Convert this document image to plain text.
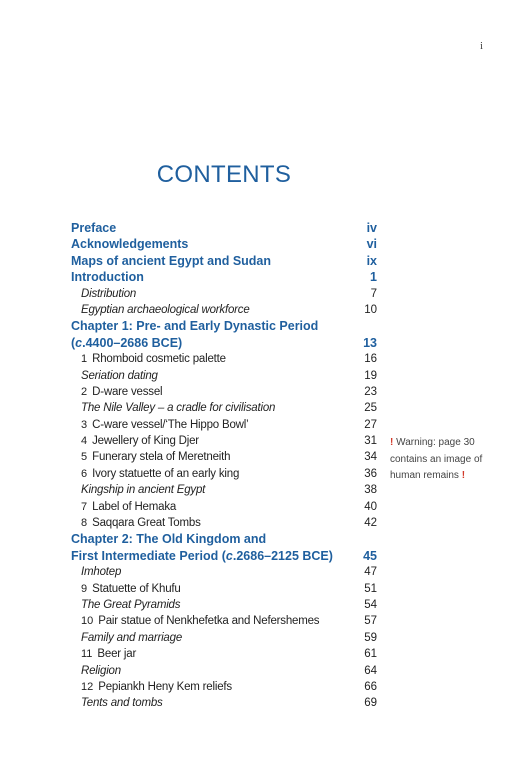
i
CONTENTS
Preface	iv
Acknowledgements	vi
Maps of ancient Egypt and Sudan	ix
Introduction	1
Distribution	7
Egyptian archaeological workforce	10
Chapter 1: Pre- and Early Dynastic Period
(c.4400–2686 BCE)	13
1 Rhomboid cosmetic palette	16
Seriation dating	19
2 D-ware vessel	23
The Nile Valley – a cradle for civilisation	25
3 C-ware vessel/‘The Hippo Bowl’	27
4 Jewellery of King Djer	31
5 Funerary stela of Meretneith	34
6 Ivory statuette of an early king	36
Kingship in ancient Egypt	38
7 Label of Hemaka	40
8 Saqqara Great Tombs	42
Chapter 2: The Old Kingdom and
First Intermediate Period (c.2686–2125 BCE) 45
Imhotep	47
9 Statuette of Khufu	51
The Great Pyramids	54
10 Pair statue of Nenkhefetka and Nefershemes	57
Family and marriage	59
11 Beer jar	61
Religion	64
12 Pepiankh Heny Kem reliefs	66
Tents and tombs	69
! Warning: page 30 contains an image of human remains !
